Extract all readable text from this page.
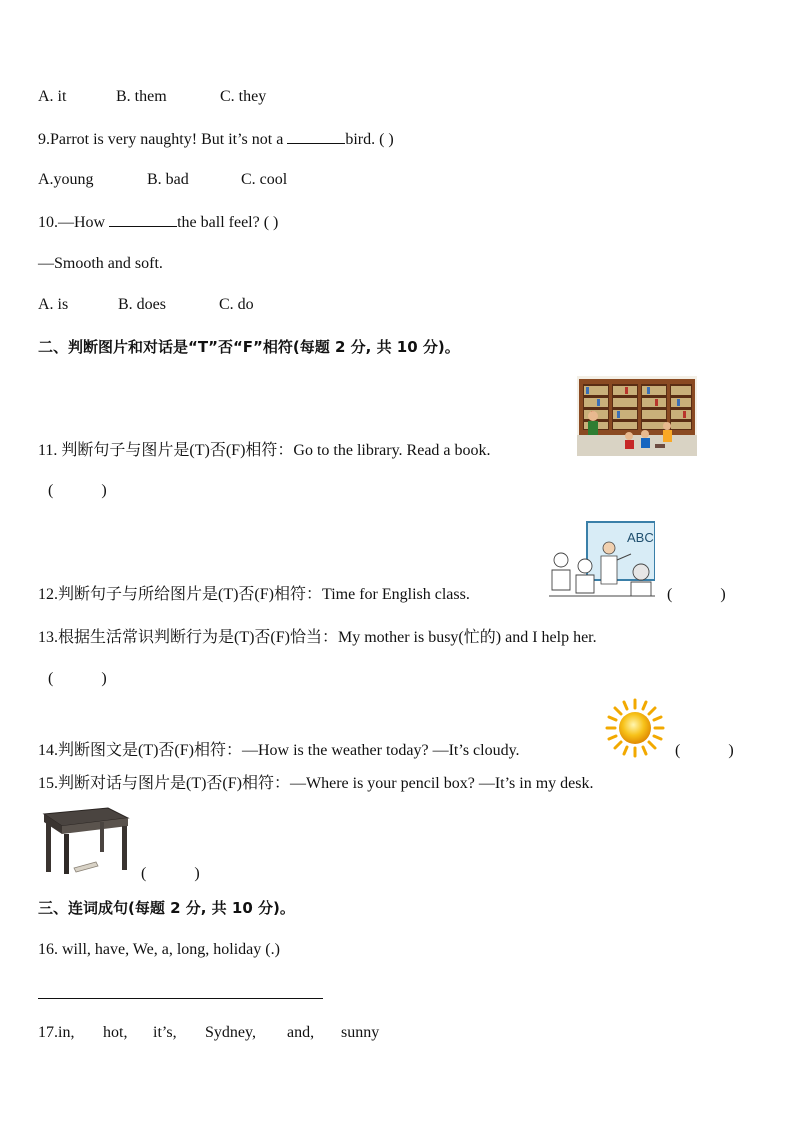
A. it	B. them	C. they
9.Parrot is very naughty! But it’s not a	bird. ( )
A.young	B. bad	C. cool
10.—How	the ball feel? ( )
—Smooth and soft.
A. is	B. does	C. do
二、判断图片和对话是“T”否“F”相符(每题 2 分, 共 10 分)。
11. 判断句子与图片是(T)否(F)相符：Go to the library. Read a book.
(            )
ABC
12.判断句子与所给图片是(T)否(F)相符：Time for English class.	(            )
13.根据生活常识判断行为是(T)否(F)恰当：My mother is busy(忙的) and I help her.
(            )
14.判断图文是(T)否(F)相符：—How is the weather today? —It’s cloudy.	(            )
15.判断对话与图片是(T)否(F)相符：—Where is your pencil box? —It’s in my desk.
(            )
三、连词成句(每题 2 分, 共 10 分)。
16. will, have, We, a, long, holiday (.)
17.in, hot, it’s, Sydney, and, sunny
